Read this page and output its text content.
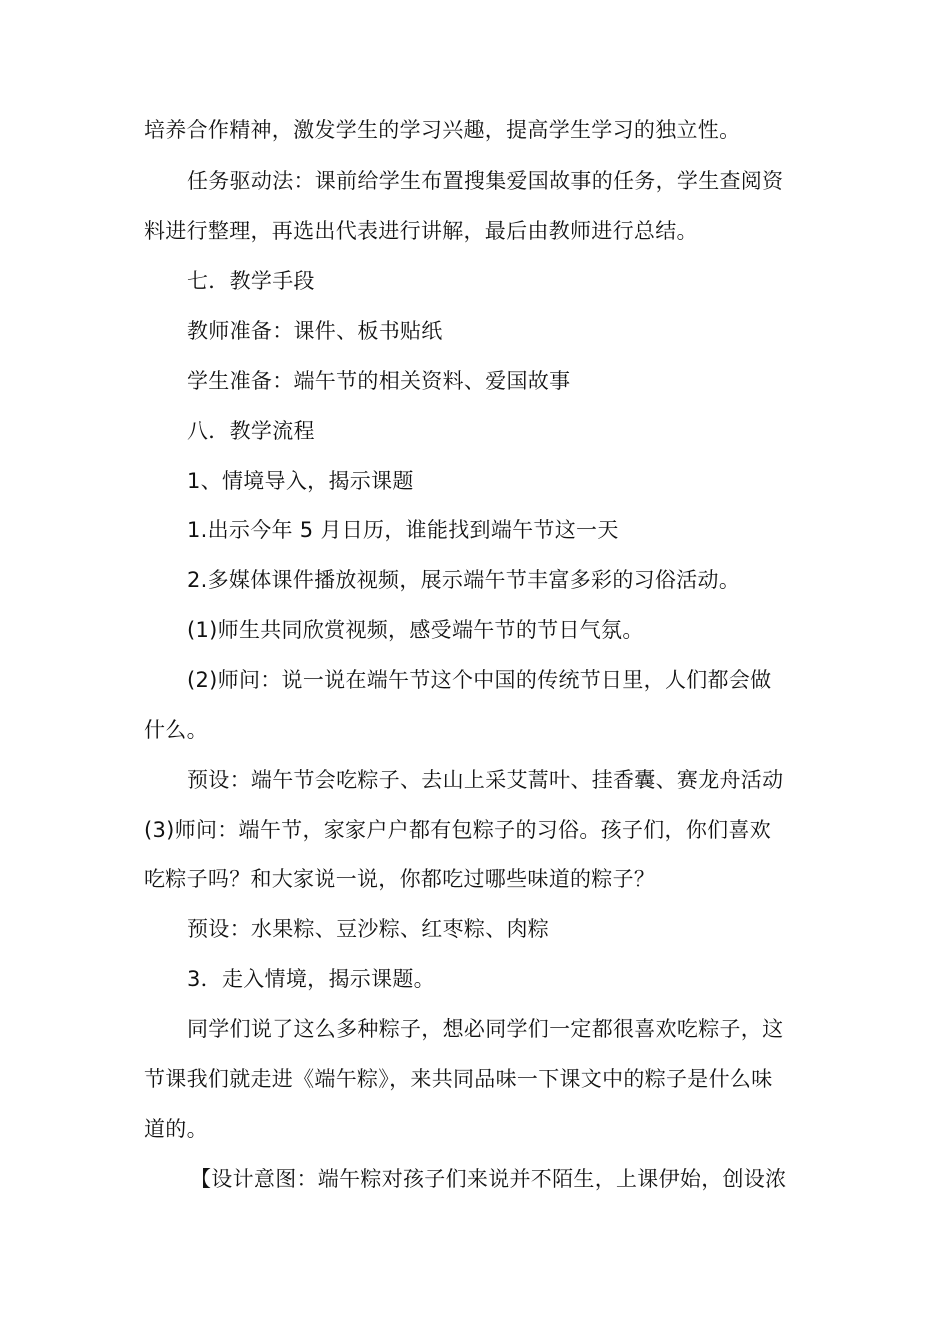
培养合作精神，激发学生的学习兴趣，提高学生学习的独立性。

任务驱动法：课前给学生布置搜集爱国故事的任务，学生查阅资

料进行整理，再选出代表进行讲解，最后由教师进行总结。

七．教学手段

教师准备：课件、板书贴纸

学生准备：端午节的相关资料、爱国故事

八．教学流程

1、情境导入，揭示课题

1.出示今年 5 月日历，谁能找到端午节这一天

2.多媒体课件播放视频，展示端午节丰富多彩的习俗活动。

(1)师生共同欣赏视频，感受端午节的节日气氛。

(2)师问：说一说在端午节这个中国的传统节日里，人们都会做

什么。

预设：端午节会吃粽子、去山上采艾蒿叶、挂香囊、赛龙舟活动

(3)师问：端午节，家家户户都有包粽子的习俗。孩子们，你们喜欢

吃粽子吗？和大家说一说，你都吃过哪些味道的粽子？

预设：水果粽、豆沙粽、红枣粽、肉粽

3．走入情境，揭示课题。

同学们说了这么多种粽子，想必同学们一定都很喜欢吃粽子，这

节课我们就走进《端午粽》，来共同品味一下课文中的粽子是什么味

道的。

【设计意图：端午粽对孩子们来说并不陌生，上课伊始，创设浓
